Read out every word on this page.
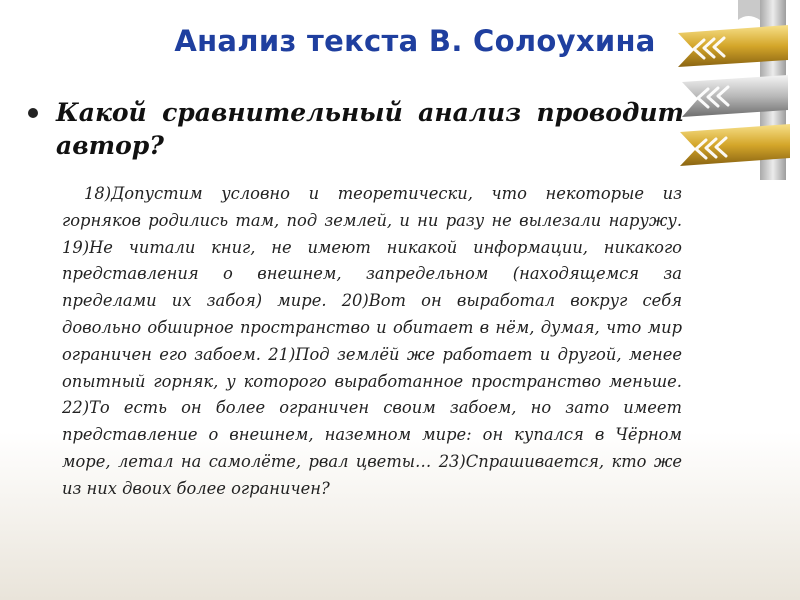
Анализ текста В. Солоухина
Какой сравнительный анализ проводит автор?

18)Допустим условно и теоретически, что некоторые из горняков родились там, под землей, и ни разу не вылезали наружу. 19)Не читали книг, не имеют никакой информации, никакого представления о внешнем, запредельном (находящемся за пределами их забоя) мире. 20)Вот он выработал вокруг себя довольно обширное пространство и обитает в нём, думая, что мир ограничен его забоем. 21)Под землёй же работает и другой, менее опытный горняк, у которого выработанное пространство меньше. 22)То есть он более ограничен своим забоем, но зато имеет представление о внешнем, наземном мире: он купался в Чёрном море, летал на самолёте, рвал цветы… 23)Спрашивается, кто же из них двоих более ограничен?
